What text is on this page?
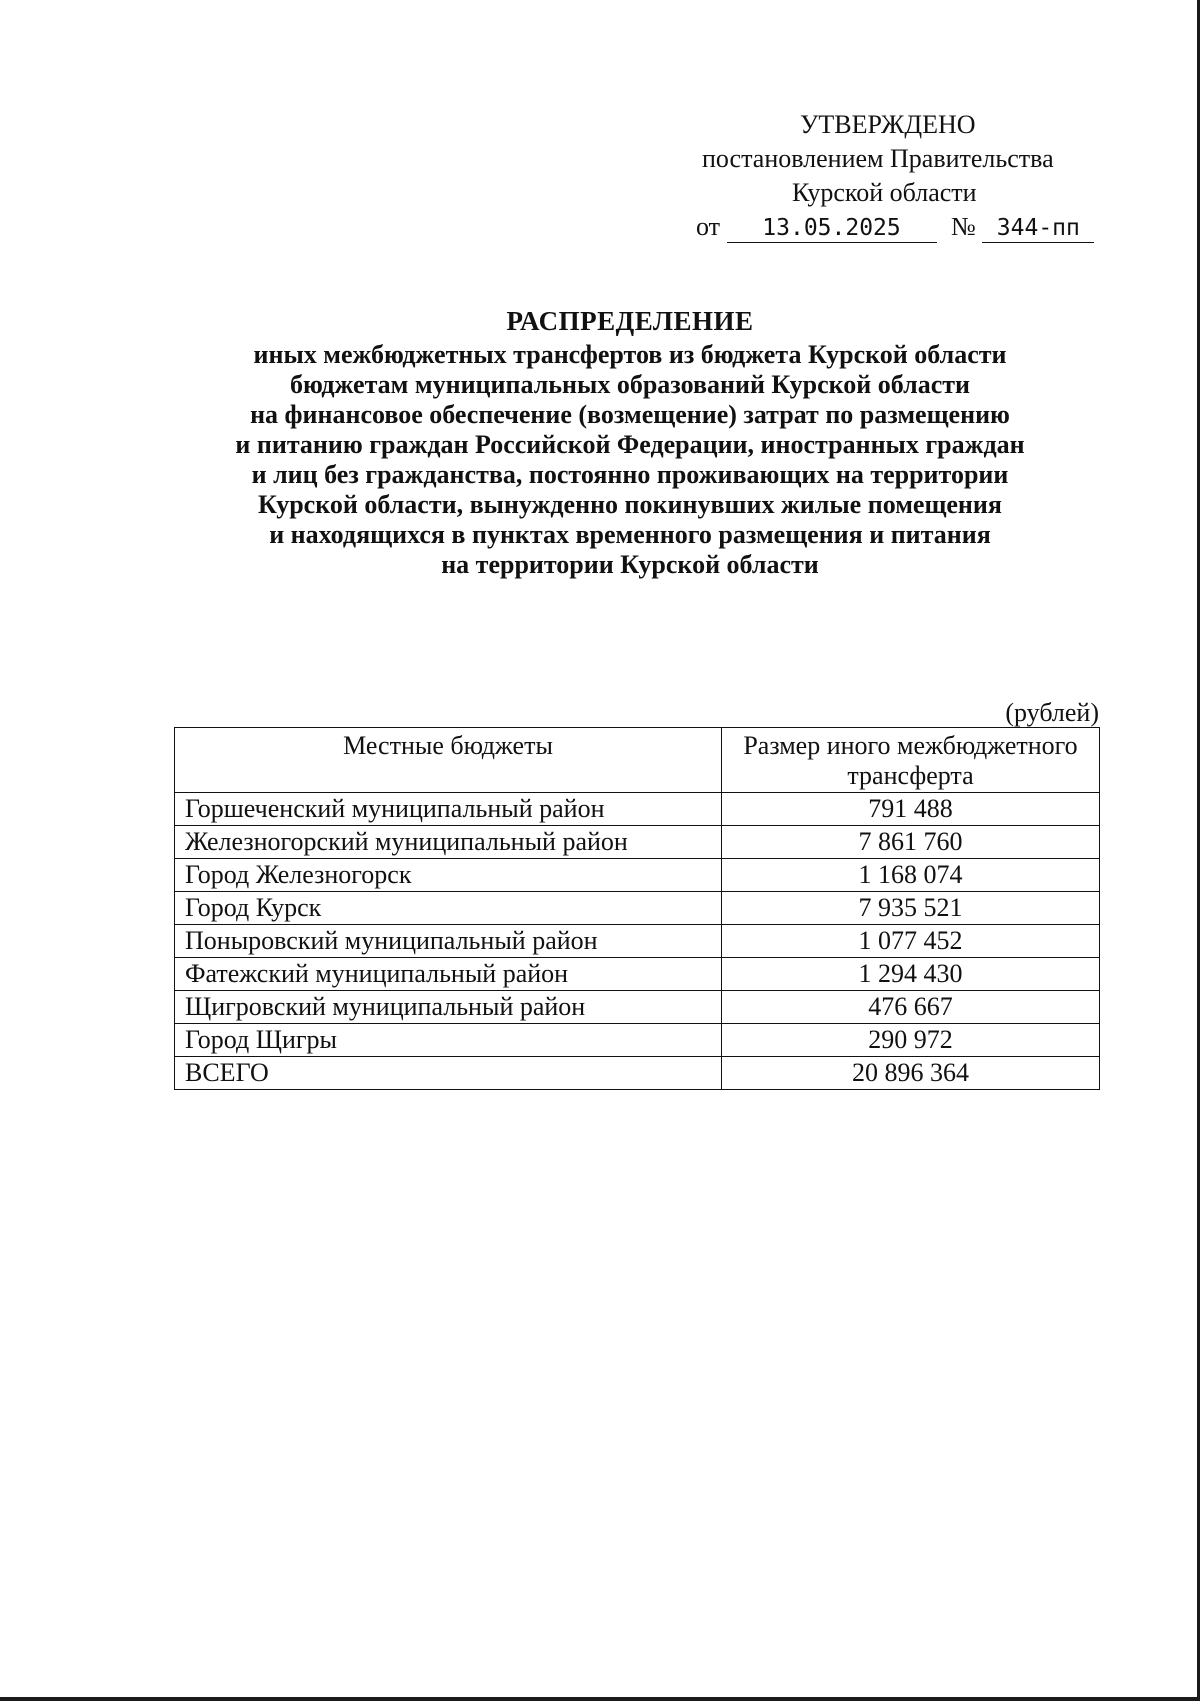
УТВЕРЖДЕНО
постановлением Правительства
Курской области
от 13.05.2025 № 344-пп
РАСПРЕДЕЛЕНИЕ
иных межбюджетных трансфертов из бюджета Курской области
бюджетам муниципальных образований Курской области
на финансовое обеспечение (возмещение) затрат по размещению
и питанию граждан Российской Федерации, иностранных граждан
и лиц без гражданства, постоянно проживающих на территории
Курской области, вынужденно покинувших жилые помещения
и находящихся в пунктах временного размещения и питания
на территории Курской области
(рублей)
Местные бюджеты	Размер иного межбюджетного трансферта
Горшеченский муниципальный район	791 488
Железногорский муниципальный район	7 861 760
Город Железногорск	1 168 074
Город Курск	7 935 521
Поныровский муниципальный район	1 077 452
Фатежский муниципальный район	1 294 430
Щигровский муниципальный район	476 667
Город Щигры	290 972
ВСЕГО	20 896 364
